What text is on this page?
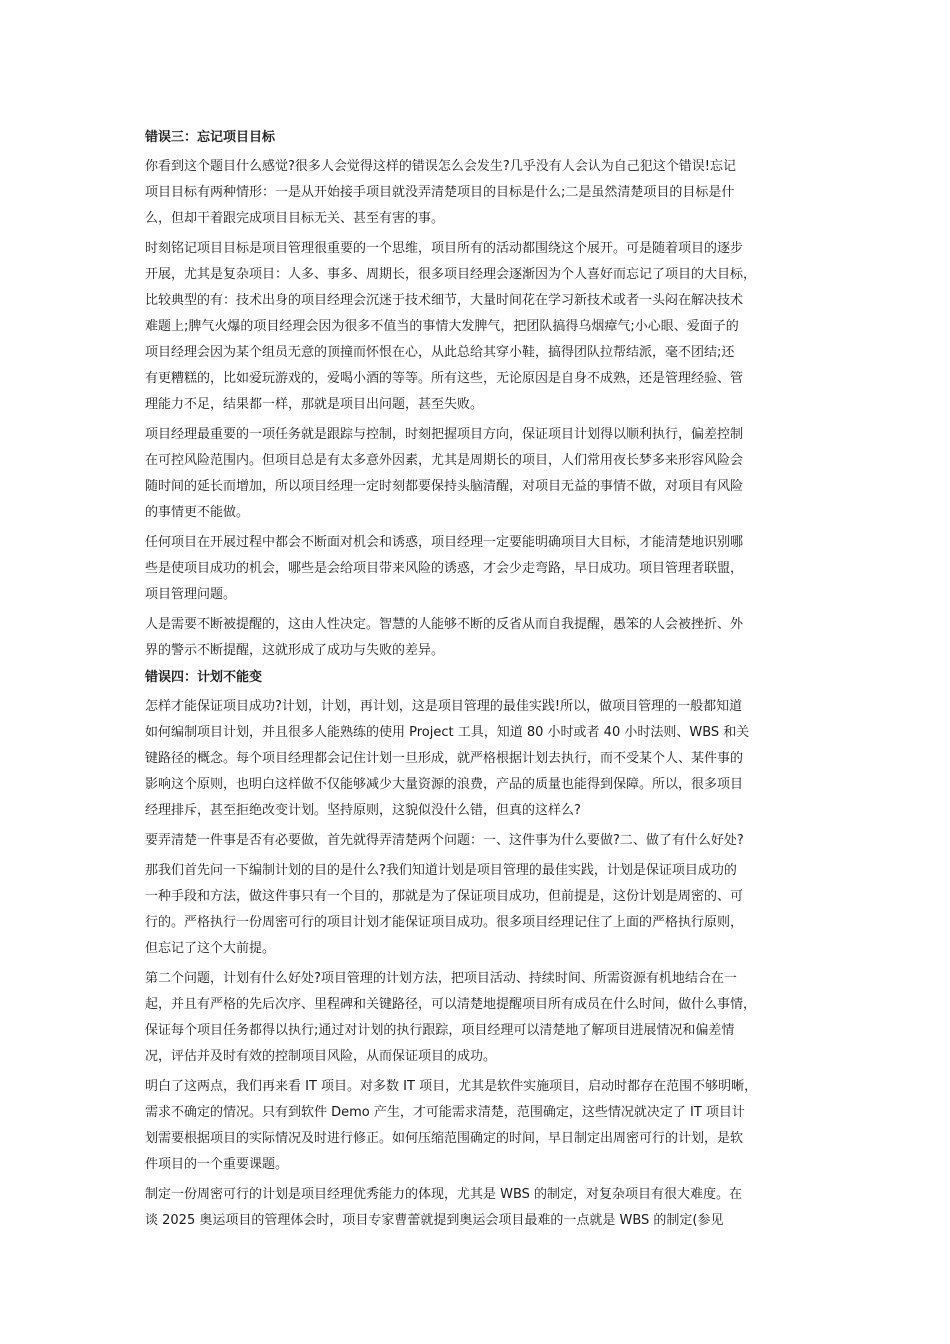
错误三：忘记项目目标

你看到这个题目什么感觉?很多人会觉得这样的错误怎么会发生?几乎没有人会认为自己犯这个错误!忘记
项目目标有两种情形：一是从开始接手项目就没弄清楚项目的目标是什么;二是虽然清楚项目的目标是什
么，但却干着跟完成项目目标无关、甚至有害的事。

时刻铭记项目目标是项目管理很重要的一个思维，项目所有的活动都围绕这个展开。可是随着项目的逐步
开展，尤其是复杂项目：人多、事多、周期长，很多项目经理会逐渐因为个人喜好而忘记了项目的大目标，
比较典型的有：技术出身的项目经理会沉迷于技术细节，大量时间花在学习新技术或者一头闷在解决技术
难题上;脾气火爆的项目经理会因为很多不值当的事情大发脾气，把团队搞得乌烟瘴气;小心眼、爱面子的
项目经理会因为某个组员无意的顶撞而怀恨在心，从此总给其穿小鞋，搞得团队拉帮结派，毫不团结;还
有更糟糕的，比如爱玩游戏的，爱喝小酒的等等。所有这些，无论原因是自身不成熟，还是管理经验、管
理能力不足，结果都一样，那就是项目出问题，甚至失败。

项目经理最重要的一项任务就是跟踪与控制，时刻把握项目方向，保证项目计划得以顺利执行，偏差控制
在可控风险范围内。但项目总是有太多意外因素，尤其是周期长的项目，人们常用夜长梦多来形容风险会
随时间的延长而增加，所以项目经理一定时刻都要保持头脑清醒，对项目无益的事情不做，对项目有风险
的事情更不能做。

任何项目在开展过程中都会不断面对机会和诱惑，项目经理一定要能明确项目大目标，才能清楚地识别哪
些是使项目成功的机会，哪些是会给项目带来风险的诱惑，才会少走弯路，早日成功。项目管理者联盟，
项目管理问题。

人是需要不断被提醒的，这由人性决定。智慧的人能够不断的反省从而自我提醒，愚笨的人会被挫折、外
界的警示不断提醒，这就形成了成功与失败的差异。

错误四：计划不能变

怎样才能保证项目成功?计划，计划，再计划，这是项目管理的最佳实践!所以，做项目管理的一般都知道
如何编制项目计划，并且很多人能熟练的使用 Project 工具，知道 80 小时或者 40 小时法则、WBS 和关
键路径的概念。每个项目经理都会记住计划一旦形成，就严格根据计划去执行，而不受某个人、某件事的
影响这个原则，也明白这样做不仅能够减少大量资源的浪费，产品的质量也能得到保障。所以，很多项目
经理排斥，甚至拒绝改变计划。坚持原则，这貌似没什么错，但真的这样么?

要弄清楚一件事是否有必要做，首先就得弄清楚两个问题：一、这件事为什么要做?二、做了有什么好处?

那我们首先问一下编制计划的目的是什么?我们知道计划是项目管理的最佳实践，计划是保证项目成功的
一种手段和方法，做这件事只有一个目的，那就是为了保证项目成功，但前提是，这份计划是周密的、可
行的。严格执行一份周密可行的项目计划才能保证项目成功。很多项目经理记住了上面的严格执行原则，
但忘记了这个大前提。

第二个问题，计划有什么好处?项目管理的计划方法，把项目活动、持续时间、所需资源有机地结合在一
起，并且有严格的先后次序、里程碑和关键路径，可以清楚地提醒项目所有成员在什么时间，做什么事情，
保证每个项目任务都得以执行;通过对计划的执行跟踪，项目经理可以清楚地了解项目进展情况和偏差情
况，评估并及时有效的控制项目风险，从而保证项目的成功。

明白了这两点，我们再来看 IT 项目。对多数 IT 项目，尤其是软件实施项目，启动时都存在范围不够明晰，
需求不确定的情况。只有到软件 Demo 产生，才可能需求清楚，范围确定，这些情况就决定了 IT 项目计
划需要根据项目的实际情况及时进行修正。如何压缩范围确定的时间，早日制定出周密可行的计划，是软
件项目的一个重要课题。

制定一份周密可行的计划是项目经理优秀能力的体现，尤其是 WBS 的制定，对复杂项目有很大难度。在
谈 2025 奥运项目的管理体会时，项目专家曹蕾就提到奥运会项目最难的一点就是 WBS 的制定(参见
